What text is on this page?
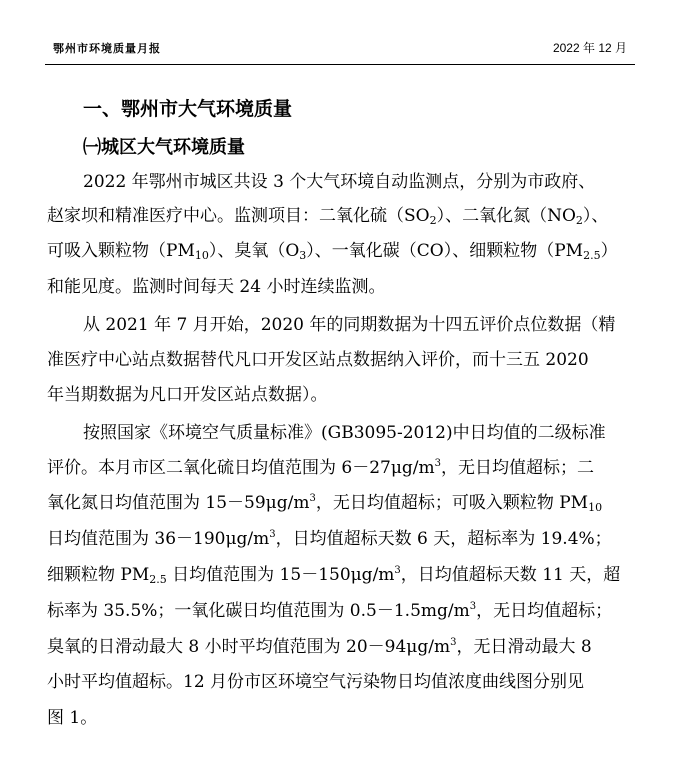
鄂州市环境质量月报	2022 年 12 月
一、鄂州市大气环境质量
㈠城区大气环境质量
2022 年鄂州市城区共设 3 个大气环境自动监测点，分别为市政府、
赵家坝和精准医疗中心。监测项目：二氧化硫$(SO_2)$、二氧化氮$(NO_2)$、
可吸入颗粒物$(PM_{10})$、臭氧$(O_3)$、一氧化碳（CO）、细颗粒物$(PM_{2.5})$
和能见度。监测时间每天 24 小时连续监测。
从 2021 年 7 月开始，2020 年的同期数据为十四五评价点位数据（精
准医疗中心站点数据替代凡口开发区站点数据纳入评价，而十三五 2020
年当期数据为凡口开发区站点数据）。
按照国家《环境空气质量标准》(GB3095-2012)中日均值的二级标准
评价。本月市区二氧化硫日均值范围为 $6-27\mu g/m^3$，无日均值超标；二
氧化氮日均值范围为 $15-59\mu g/m^3$，无日均值超标；可吸入颗粒物 $PM_{10}$
日均值范围为 $36-190\mu g/m^3$，日均值超标天数 6 天，超标率为 19.4%；
细颗粒物 $PM_{2.5}$ 日均值范围为 $15-150\mu g/m^3$，日均值超标天数 11 天，超
标率为 35.5%；一氧化碳日均值范围为 $0.5-1.5mg/m^3$，无日均值超标；
臭氧的日滑动最大 8 小时平均值范围为 $20-94\mu g/m^3$，无日滑动最大 8
小时平均值超标。12 月份市区环境空气污染物日均值浓度曲线图分别见
图 1。
